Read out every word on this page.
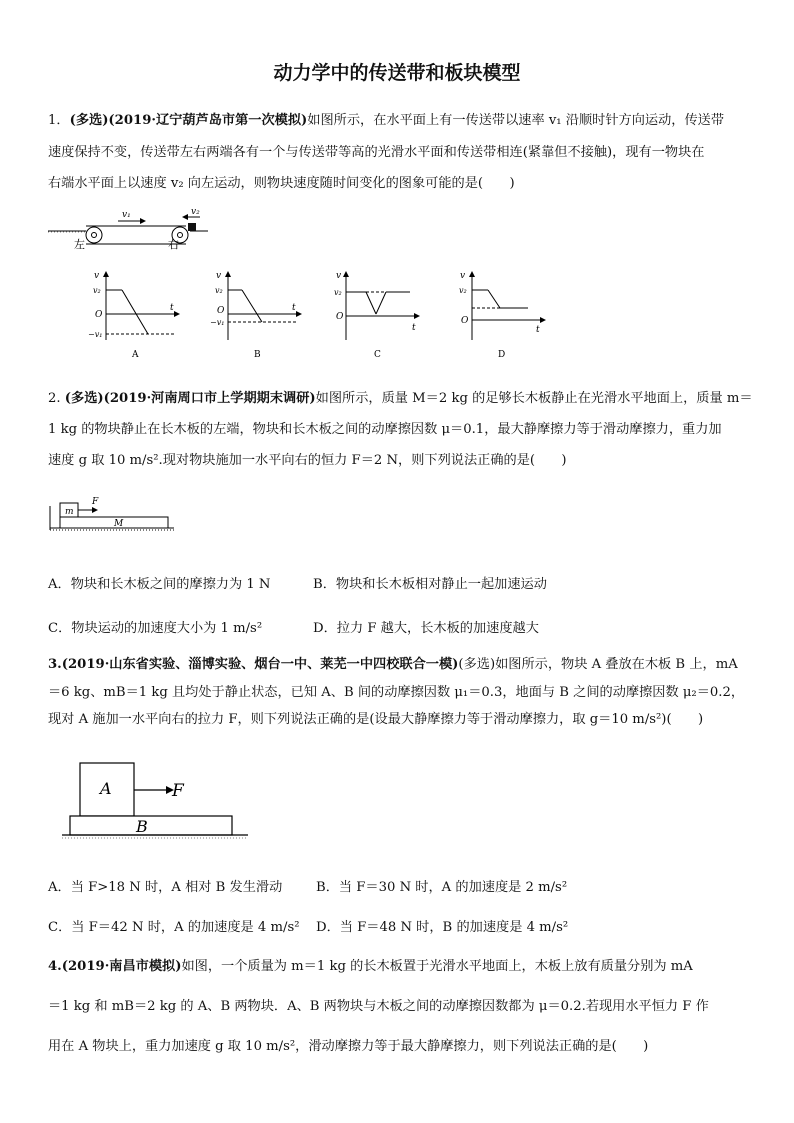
动力学中的传送带和板块模型
1．(多选)(2019·辽宁葫芦岛市第一次模拟)如图所示，在水平面上有一传送带以速率 v₁ 沿顺时针方向运动，传送带
速度保持不变，传送带左右两端各有一个与传送带等高的光滑水平面和传送带相连(紧靠但不接触)，现有一物块在
右端水平面上以速度 v₂ 向左运动，则物块速度随时间变化的图象可能的是(　　)
v₁	v₂
左	右
v
v₂
O
t
−v₁
A
v
v₂
O	t
−v₁
B
v
v₂
O
t
C
v
v₂
O
t
D
2. (多选)(2019·河南周口市上学期期末调研)如图所示，质量 M＝2 kg 的足够长木板静止在光滑水平地面上，质量 m＝
1 kg 的物块静止在长木板的左端，物块和长木板之间的动摩擦因数 μ＝0.1，最大静摩擦力等于滑动摩擦力，重力加
速度 g 取 10 m/s².现对物块施加一水平向右的恒力 F＝2 N，则下列说法正确的是(　　)
m
F
M
A．物块和长木板之间的摩擦力为 1 N	B．物块和长木板相对静止一起加速运动
C．物块运动的加速度大小为 1 m/s²	D．拉力 F 越大，长木板的加速度越大
3.(2019·山东省实验、淄博实验、烟台一中、莱芜一中四校联合一模)(多选)如图所示，物块 A 叠放在木板 B 上，mA
＝6 kg、mB＝1 kg 且均处于静止状态，已知 A、B 间的动摩擦因数 μ₁＝0.3，地面与 B 之间的动摩擦因数 μ₂＝0.2，
现对 A 施加一水平向右的拉力 F，则下列说法正确的是(设最大静摩擦力等于滑动摩擦力，取 g＝10 m/s²)(　　)
A	F
B
A．当 F>18 N 时，A 相对 B 发生滑动	B．当 F＝30 N 时，A 的加速度是 2 m/s²
C．当 F＝42 N 时，A 的加速度是 4 m/s² D．当 F＝48 N 时，B 的加速度是 4 m/s²
4.(2019·南昌市模拟)如图，一个质量为 m＝1 kg 的长木板置于光滑水平地面上，木板上放有质量分别为 mA
＝1 kg 和 mB＝2 kg 的 A、B 两物块．A、B 两物块与木板之间的动摩擦因数都为 μ＝0.2.若现用水平恒力 F 作
用在 A 物块上，重力加速度 g 取 10 m/s²，滑动摩擦力等于最大静摩擦力，则下列说法正确的是(　　)
